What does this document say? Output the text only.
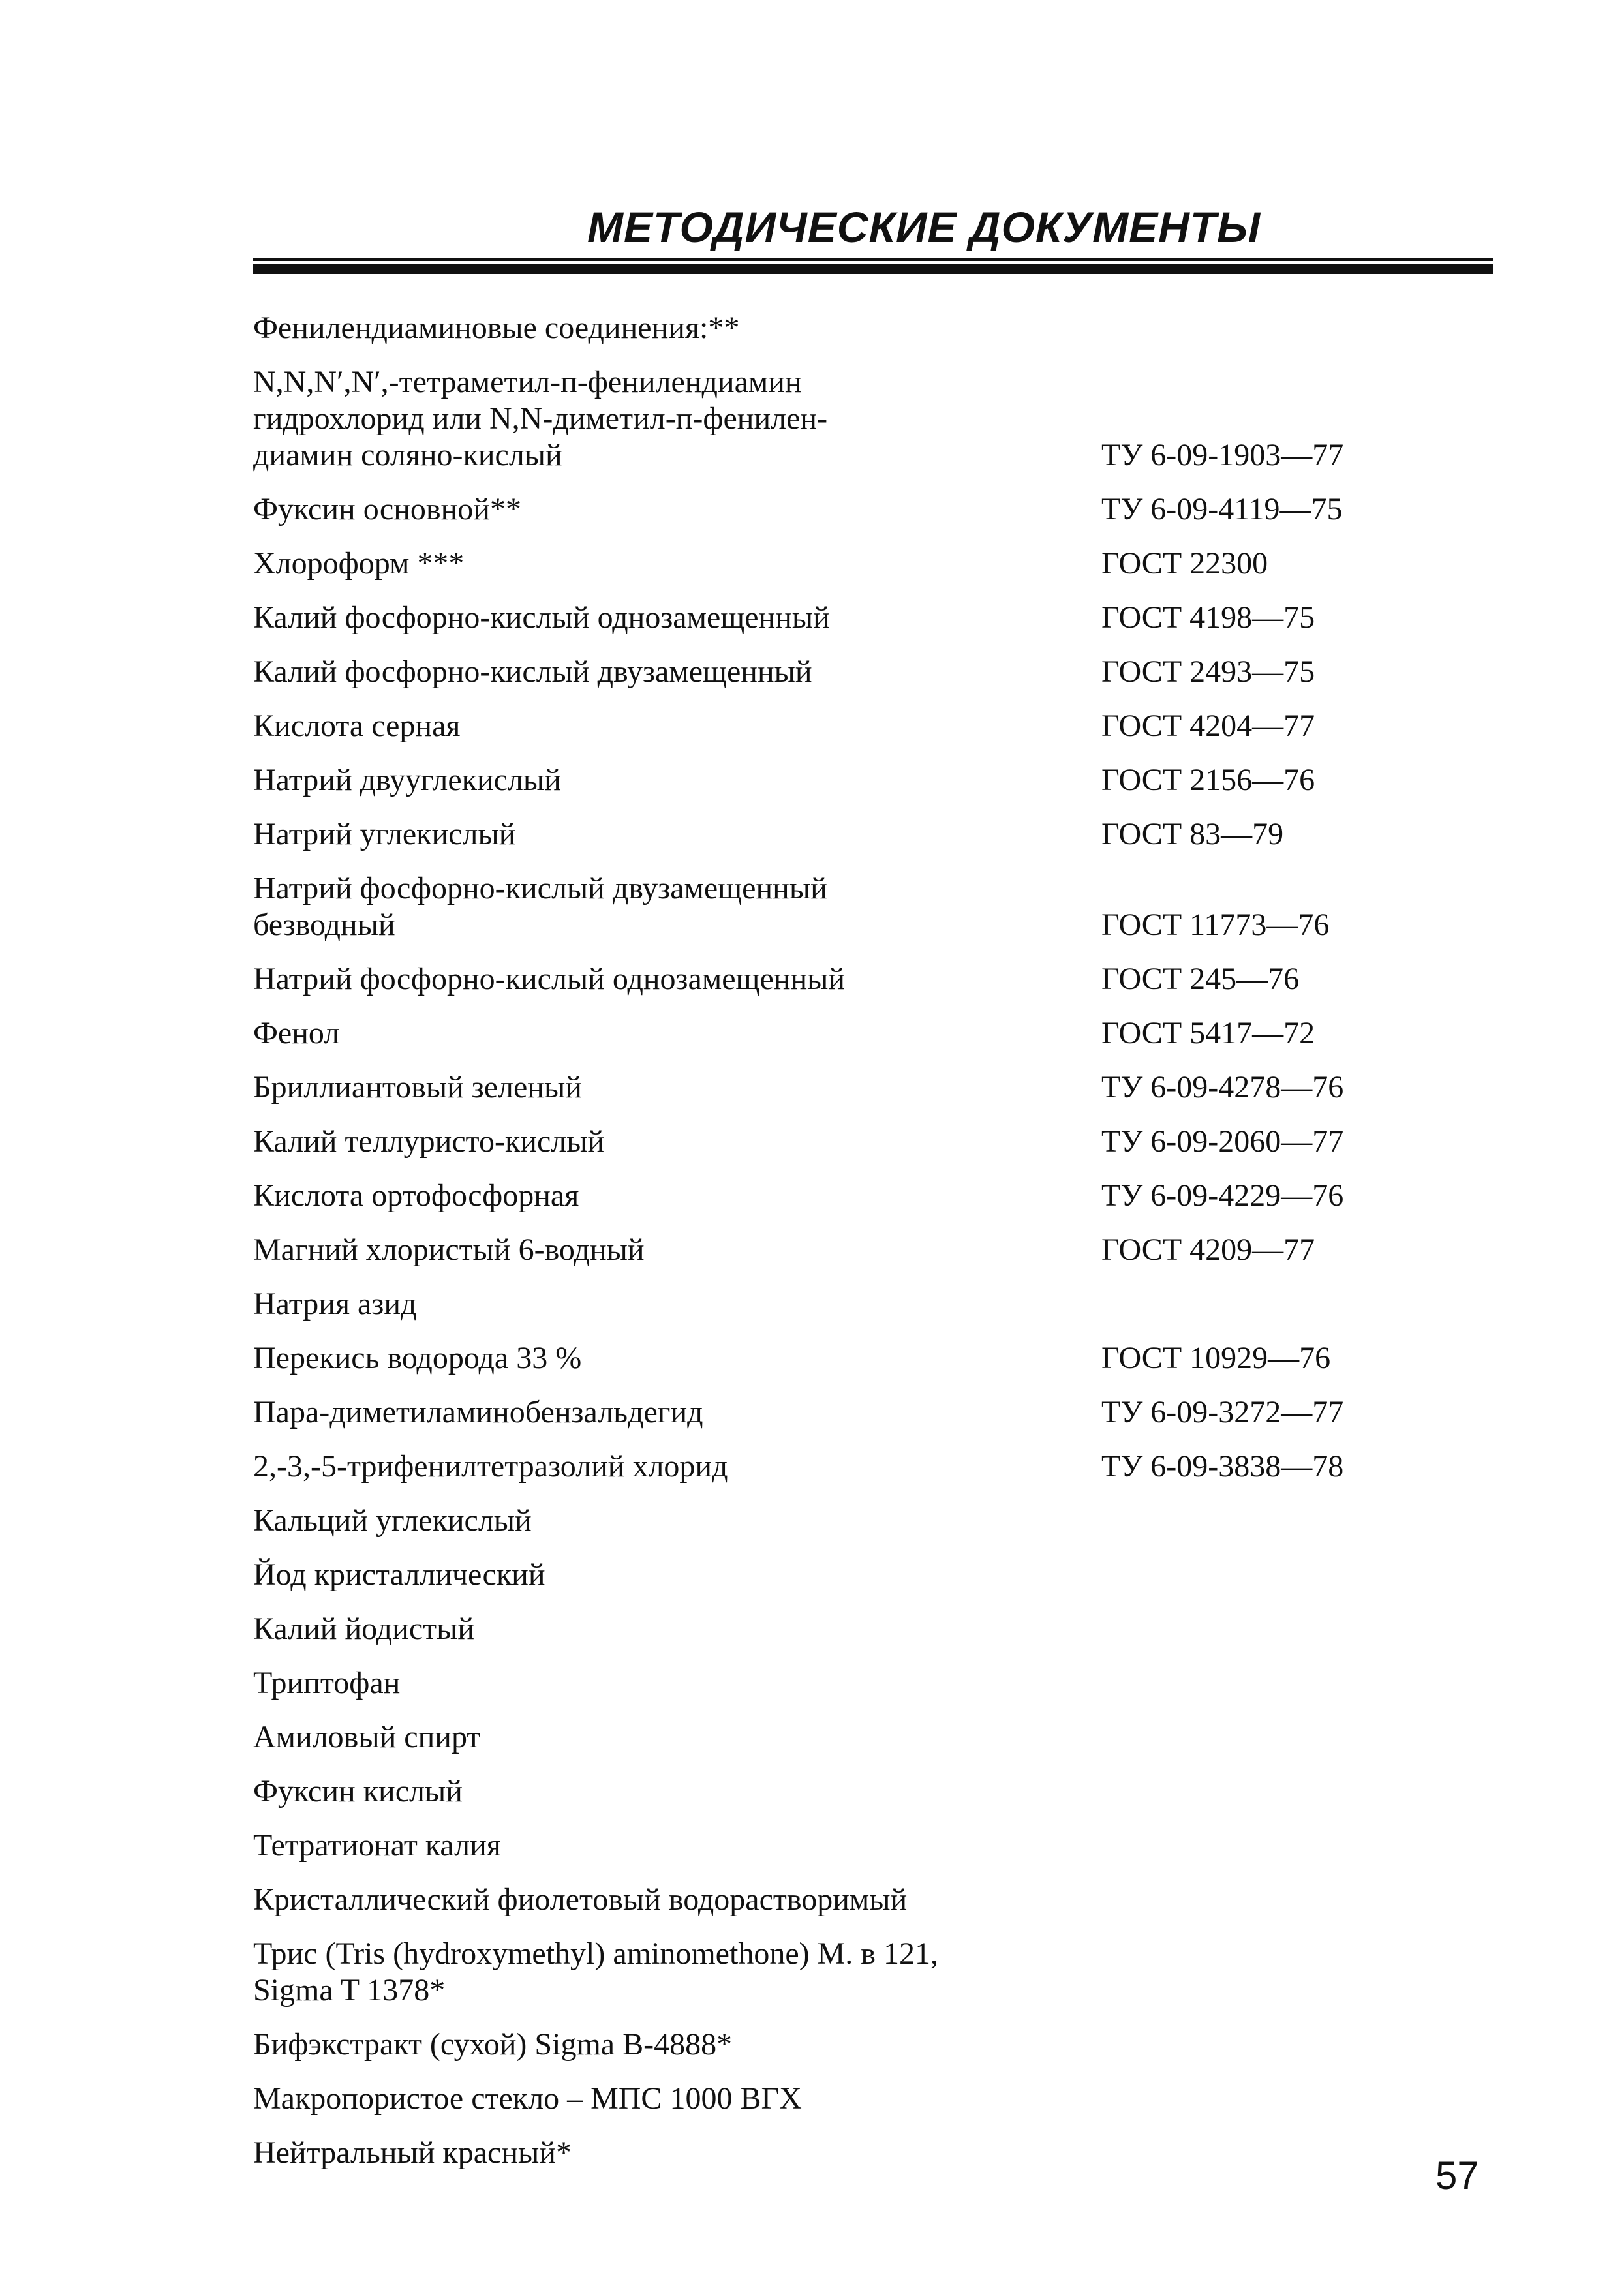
МЕТОДИЧЕСКИЕ ДОКУМЕНТЫ
Фенилендиаминовые соединения:**
N,N,N′,N′,-тетраметил-п-фенилендиамин
гидрохлорид или N,N-диметил-п-фенилен-
диамин соляно-кислый	ТУ 6-09-1903—77
Фуксин основной**	ТУ 6-09-4119—75
Хлороформ ***	ГОСТ 22300
Калий фосфорно-кислый однозамещенный	ГОСТ 4198—75
Калий фосфорно-кислый двузамещенный	ГОСТ 2493—75
Кислота серная	ГОСТ 4204—77
Натрий двууглекислый	ГОСТ 2156—76
Натрий углекислый	ГОСТ 83—79
Натрий фосфорно-кислый двузамещенный
безводный	ГОСТ 11773—76
Натрий фосфорно-кислый однозамещенный	ГОСТ 245—76
Фенол	ГОСТ 5417—72
Бриллиантовый зеленый	ТУ 6-09-4278—76
Калий теллуристо-кислый	ТУ 6-09-2060—77
Кислота ортофосфорная	ТУ 6-09-4229—76
Магний хлористый 6-водный	ГОСТ 4209—77
Натрия азид
Перекись водорода 33 %	ГОСТ 10929—76
Пара-диметиламинобензальдегид	ТУ 6-09-3272—77
2,-3,-5-трифенилтетразолий хлорид	ТУ 6-09-3838—78
Кальций углекислый
Йод кристаллический
Калий йодистый
Триптофан
Амиловый спирт
Фуксин кислый
Тетратионат калия
Кристаллический фиолетовый водорастворимый
Трис (Tris (hydroxymethyl) aminomethone) М. в 121,
Sigma T 1378*
Бифэкстракт (сухой) Sigma B-4888*
Макропористое стекло – МПС 1000 ВГХ
Нейтральный красный*
57
